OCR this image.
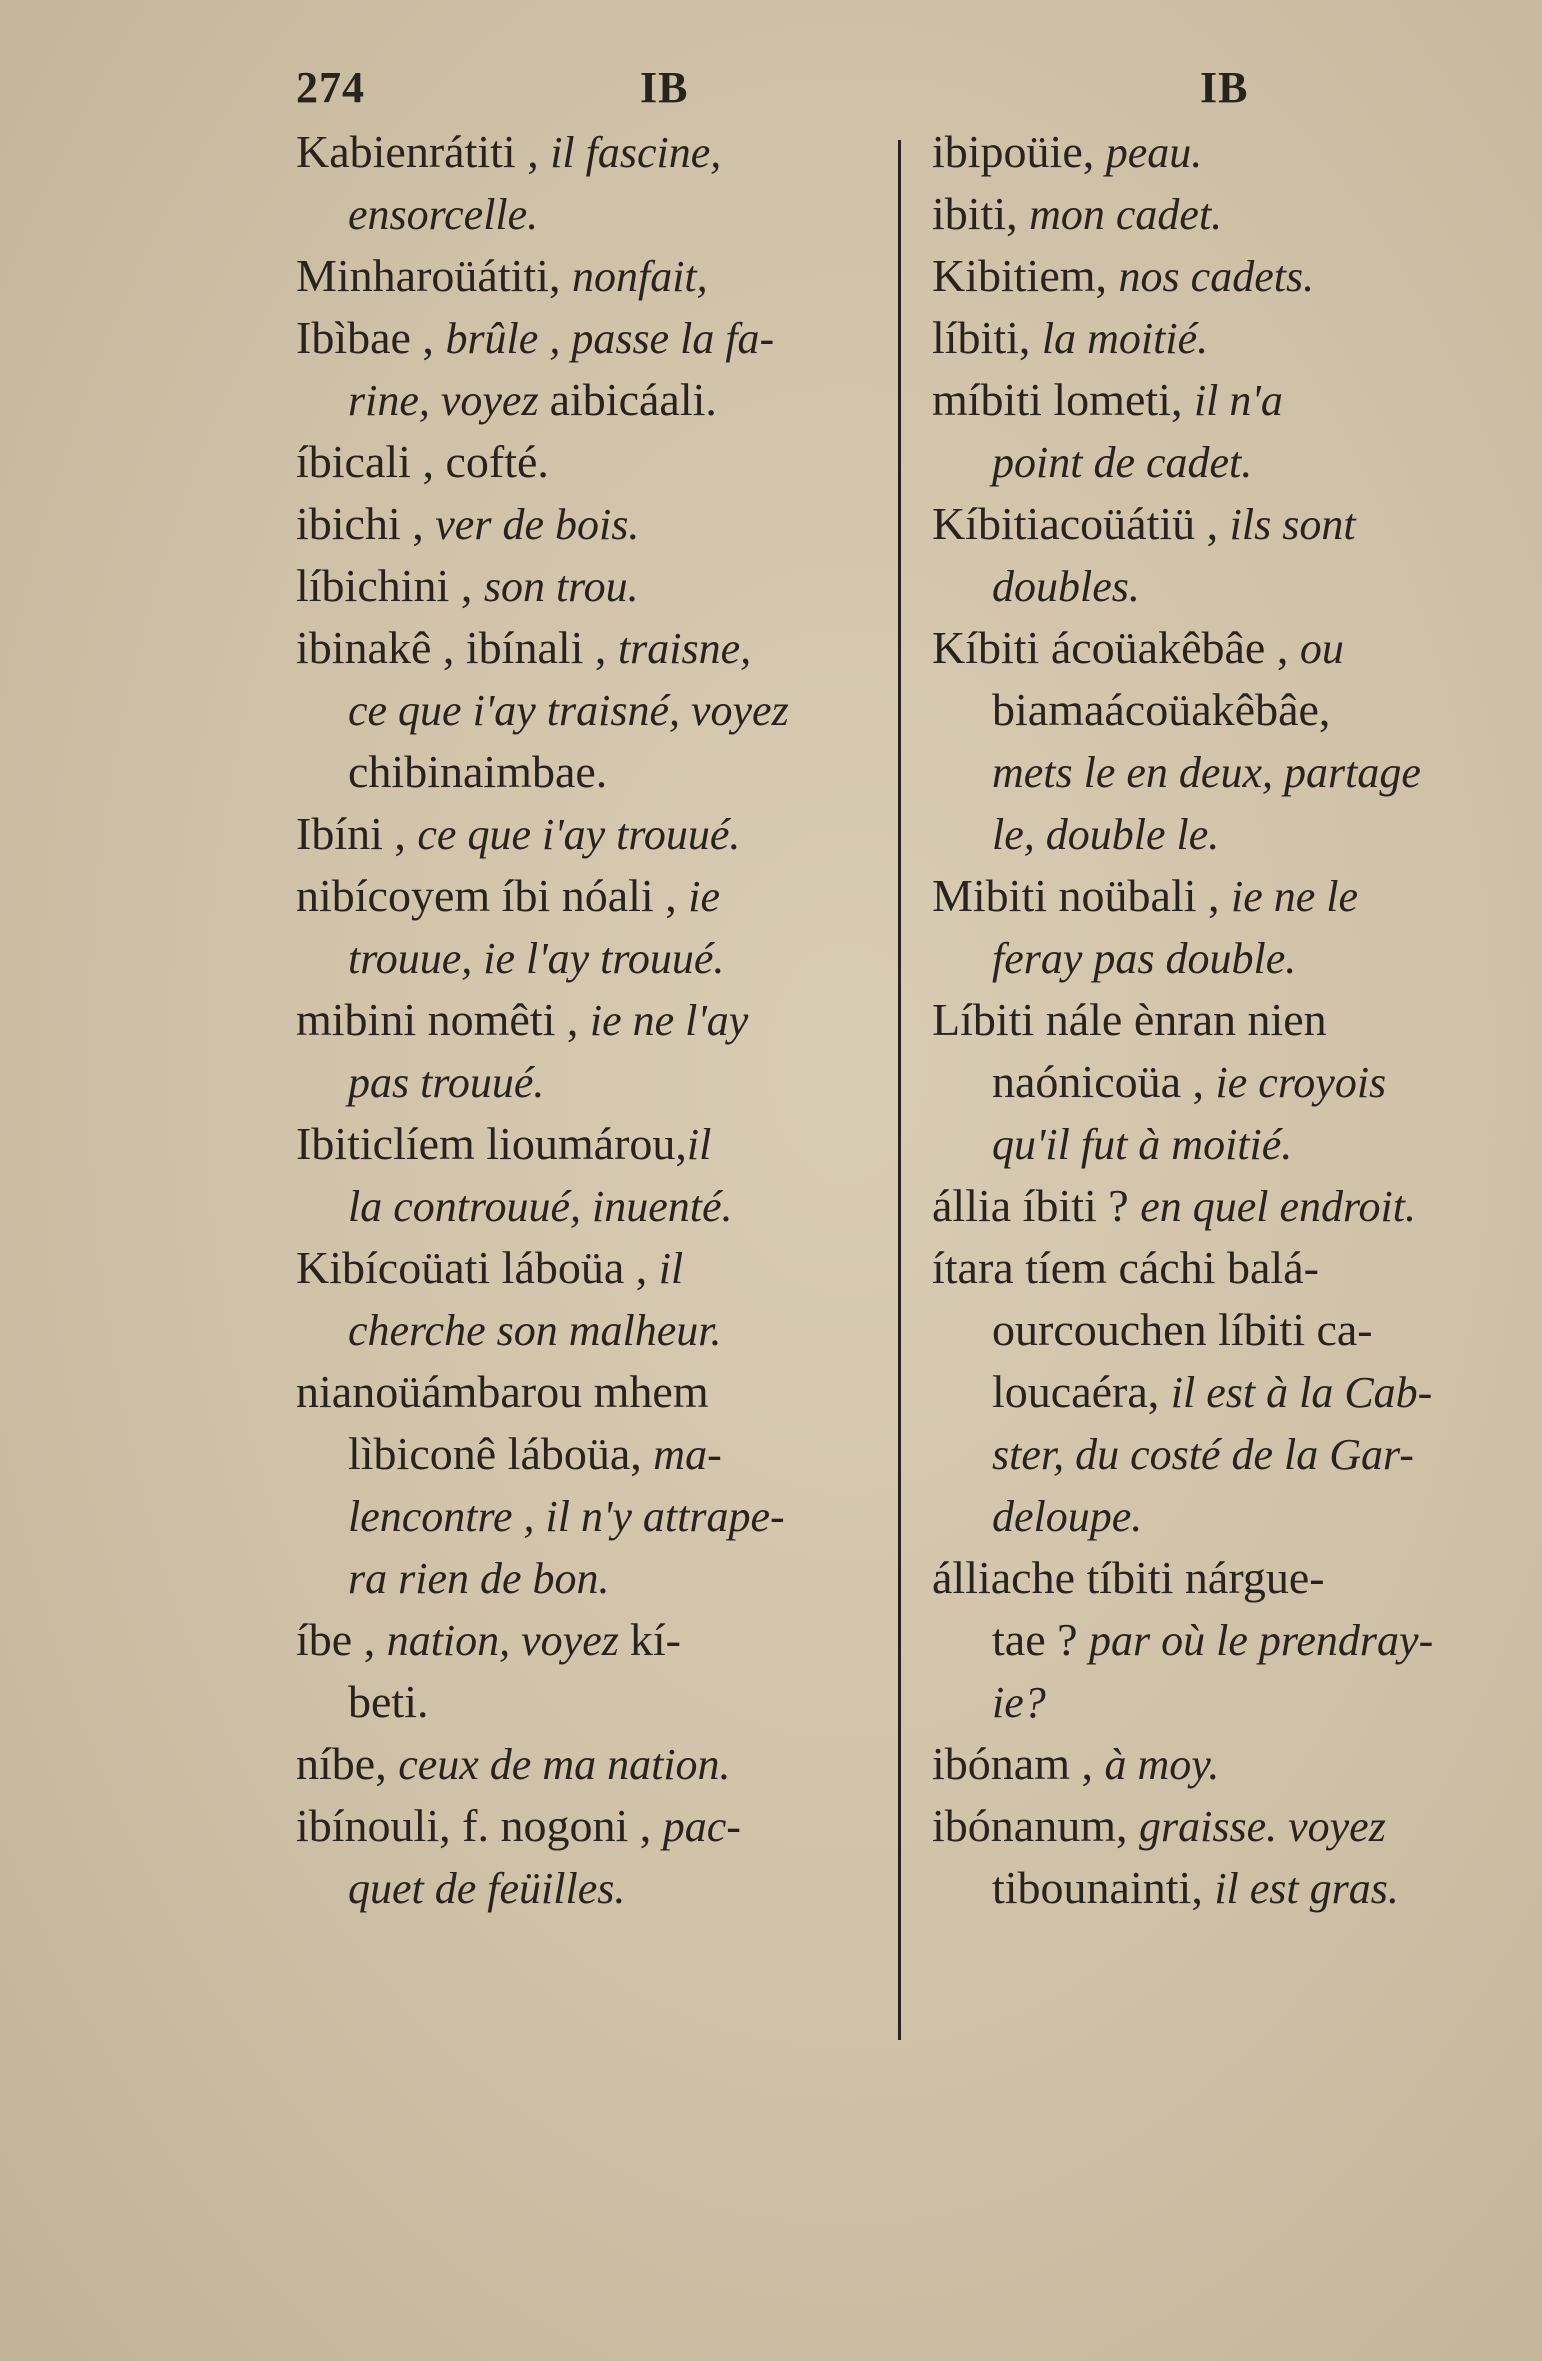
274	IB	IB
Kabienrátiti , il fascine,
ensorcelle.
Minharoüátiti, nonfait,
Ibìbae , brûle , passe la fa-
rine, voyez aibicáali.
íbicali , cofté.
ibichi , ver de bois.
líbichini , son trou.
ibinakê , ibínali , traisne,
ce que i'ay traisné, voyez
chibinaimbae.
Ibíni , ce que i'ay trouué.
nibícoyem íbi nóali , ie
trouue, ie l'ay trouué.
mibini nomêti , ie ne l'ay
pas trouué.
Ibiticlíem lioumárou,il
la controuué, inuenté.
Kibícoüati láboüa , il
cherche son malheur.
nianoüámbarou mhem
lìbiconê láboüa, ma-
lencontre , il n'y attrape-
ra rien de bon.
íbe , nation, voyez kí-
beti.
níbe, ceux de ma nation.
ibínouli, f. nogoni , pac-
quet de feüilles.
ibipoüie, peau.
ibiti, mon cadet.
Kibitiem, nos cadets.
líbiti, la moitié.
míbiti lometi, il n'a
point de cadet.
Kíbitiacoüátiü , ils sont
doubles.
Kíbiti ácoüakêbâe , ou
biamaácoüakêbâe,
mets le en deux, partage
le, double le.
Mibiti noübali , ie ne le
feray pas double.
Líbiti nále ènran nien
naónicoüa , ie croyois
qu'il fut à moitié.
állia íbiti ? en quel endroit.
ítara tíem cáchi balá-
ourcouchen líbiti ca-
loucaéra, il est à la Cab-
ster, du costé de la Gar-
deloupe.
álliache tíbiti nárgue-
tae ? par où le prendray-
ie?
ibónam , à moy.
ibónanum, graisse. voyez
tibounainti, il est gras.
